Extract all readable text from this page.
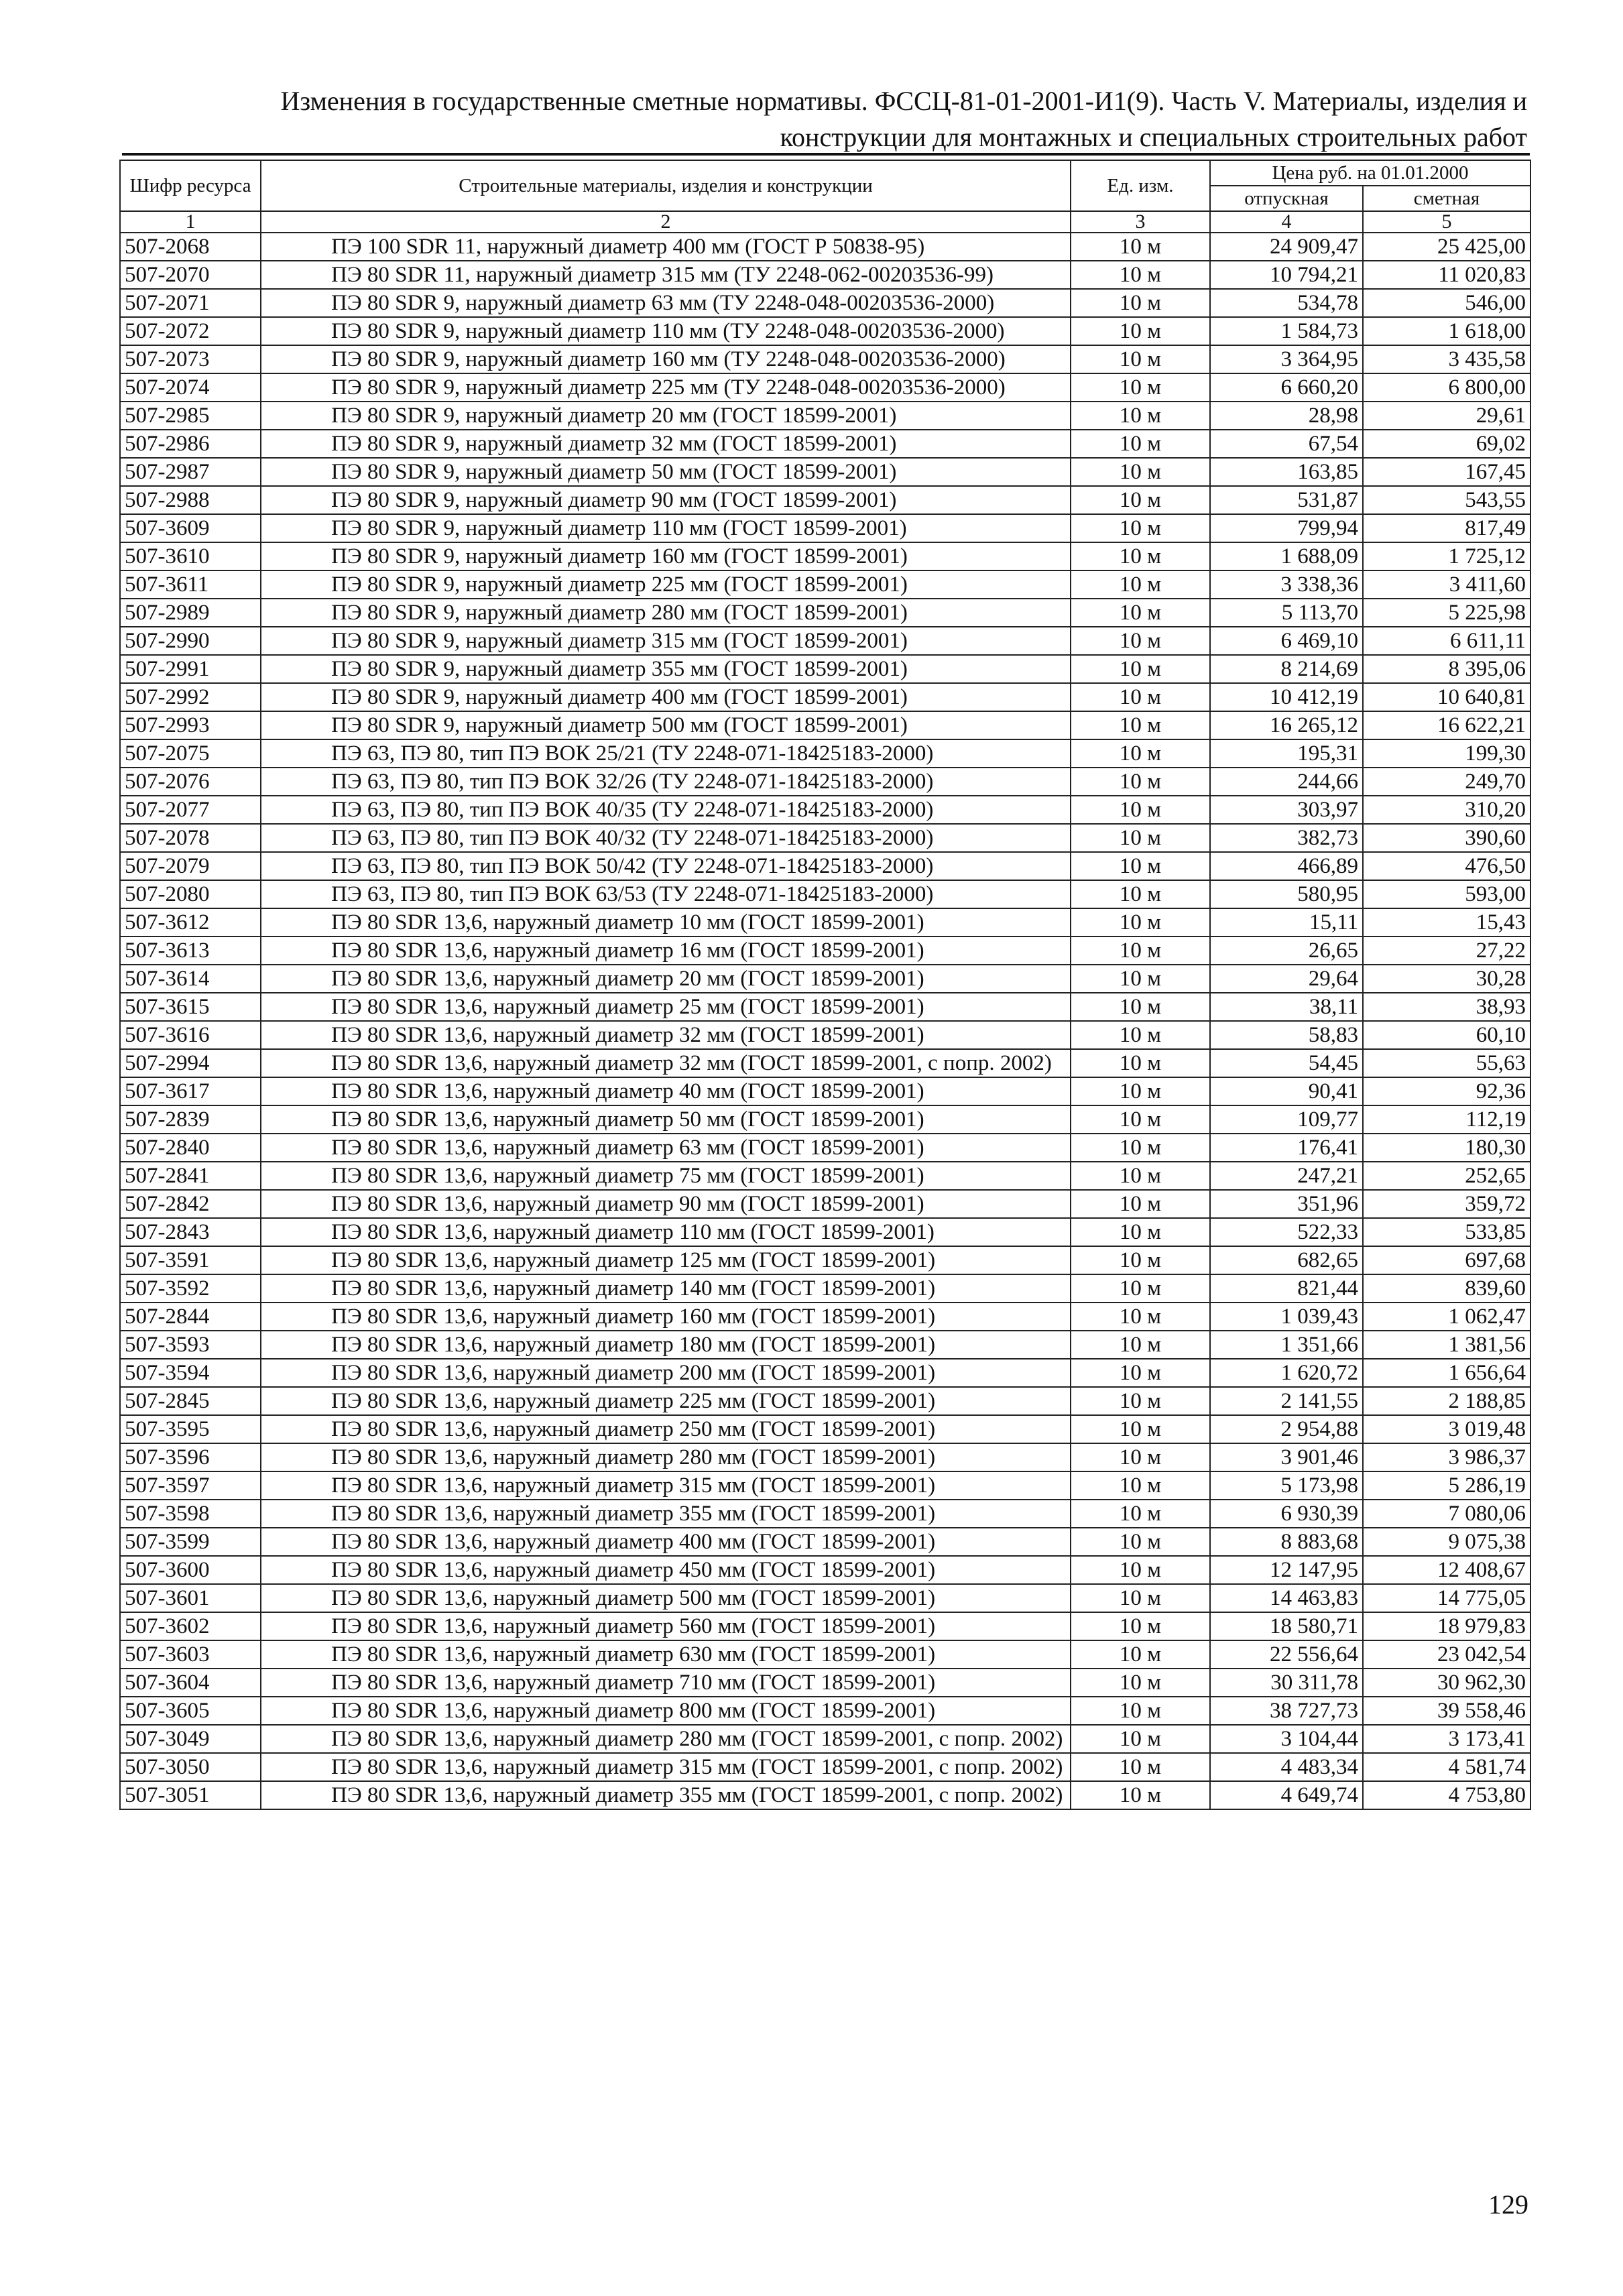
Изменения в государственные сметные нормативы. ФССЦ-81-01-2001-И1(9). Часть V. Материалы, изделия и
конструкции для монтажных и специальных строительных работ
Шифр ресурса	Строительные материалы, изделия и конструкции	Ед. изм.	Цена руб. на 01.01.2000	
			отпускная	сметная
1	2	3	4	5
507-2068	ПЭ 100 SDR 11, наружный диаметр 400 мм (ГОСТ Р 50838-95)	10 м	24 909,47	25 425,00
507-2070	ПЭ 80 SDR 11, наружный диаметр 315 мм (ТУ 2248-062-00203536-99)	10 м	10 794,21	11 020,83
507-2071	ПЭ 80 SDR 9, наружный диаметр 63 мм (ТУ 2248-048-00203536-2000)	10 м	534,78	546,00
507-2072	ПЭ 80 SDR 9, наружный диаметр 110 мм (ТУ 2248-048-00203536-2000)	10 м	1 584,73	1 618,00
507-2073	ПЭ 80 SDR 9, наружный диаметр 160 мм (ТУ 2248-048-00203536-2000)	10 м	3 364,95	3 435,58
507-2074	ПЭ 80 SDR 9, наружный диаметр 225 мм (ТУ 2248-048-00203536-2000)	10 м	6 660,20	6 800,00
507-2985	ПЭ 80 SDR 9, наружный диаметр 20 мм (ГОСТ 18599-2001)	10 м	28,98	29,61
507-2986	ПЭ 80 SDR 9, наружный диаметр 32 мм (ГОСТ 18599-2001)	10 м	67,54	69,02
507-2987	ПЭ 80 SDR 9, наружный диаметр 50 мм (ГОСТ 18599-2001)	10 м	163,85	167,45
507-2988	ПЭ 80 SDR 9, наружный диаметр 90 мм (ГОСТ 18599-2001)	10 м	531,87	543,55
507-3609	ПЭ 80 SDR 9, наружный диаметр 110 мм (ГОСТ 18599-2001)	10 м	799,94	817,49
507-3610	ПЭ 80 SDR 9, наружный диаметр 160 мм (ГОСТ 18599-2001)	10 м	1 688,09	1 725,12
507-3611	ПЭ 80 SDR 9, наружный диаметр 225 мм (ГОСТ 18599-2001)	10 м	3 338,36	3 411,60
507-2989	ПЭ 80 SDR 9, наружный диаметр 280 мм (ГОСТ 18599-2001)	10 м	5 113,70	5 225,98
507-2990	ПЭ 80 SDR 9, наружный диаметр 315 мм (ГОСТ 18599-2001)	10 м	6 469,10	6 611,11
507-2991	ПЭ 80 SDR 9, наружный диаметр 355 мм (ГОСТ 18599-2001)	10 м	8 214,69	8 395,06
507-2992	ПЭ 80 SDR 9, наружный диаметр 400 мм (ГОСТ 18599-2001)	10 м	10 412,19	10 640,81
507-2993	ПЭ 80 SDR 9, наружный диаметр 500 мм (ГОСТ 18599-2001)	10 м	16 265,12	16 622,21
507-2075	ПЭ 63, ПЭ 80, тип ПЭ ВОК 25/21 (ТУ 2248-071-18425183-2000)	10 м	195,31	199,30
507-2076	ПЭ 63, ПЭ 80, тип ПЭ ВОК 32/26 (ТУ 2248-071-18425183-2000)	10 м	244,66	249,70
507-2077	ПЭ 63, ПЭ 80, тип ПЭ ВОК 40/35 (ТУ 2248-071-18425183-2000)	10 м	303,97	310,20
507-2078	ПЭ 63, ПЭ 80, тип ПЭ ВОК 40/32 (ТУ 2248-071-18425183-2000)	10 м	382,73	390,60
507-2079	ПЭ 63, ПЭ 80, тип ПЭ ВОК 50/42 (ТУ 2248-071-18425183-2000)	10 м	466,89	476,50
507-2080	ПЭ 63, ПЭ 80, тип ПЭ ВОК 63/53 (ТУ 2248-071-18425183-2000)	10 м	580,95	593,00
507-3612	ПЭ 80 SDR 13,6, наружный диаметр 10 мм (ГОСТ 18599-2001)	10 м	15,11	15,43
507-3613	ПЭ 80 SDR 13,6, наружный диаметр 16 мм (ГОСТ 18599-2001)	10 м	26,65	27,22
507-3614	ПЭ 80 SDR 13,6, наружный диаметр 20 мм (ГОСТ 18599-2001)	10 м	29,64	30,28
507-3615	ПЭ 80 SDR 13,6, наружный диаметр 25 мм (ГОСТ 18599-2001)	10 м	38,11	38,93
507-3616	ПЭ 80 SDR 13,6, наружный диаметр 32 мм (ГОСТ 18599-2001)	10 м	58,83	60,10
507-2994	ПЭ 80 SDR 13,6, наружный диаметр 32 мм (ГОСТ 18599-2001, с попр. 2002)	10 м	54,45	55,63
507-3617	ПЭ 80 SDR 13,6, наружный диаметр 40 мм (ГОСТ 18599-2001)	10 м	90,41	92,36
507-2839	ПЭ 80 SDR 13,6, наружный диаметр 50 мм (ГОСТ 18599-2001)	10 м	109,77	112,19
507-2840	ПЭ 80 SDR 13,6, наружный диаметр 63 мм (ГОСТ 18599-2001)	10 м	176,41	180,30
507-2841	ПЭ 80 SDR 13,6, наружный диаметр 75 мм (ГОСТ 18599-2001)	10 м	247,21	252,65
507-2842	ПЭ 80 SDR 13,6, наружный диаметр 90 мм (ГОСТ 18599-2001)	10 м	351,96	359,72
507-2843	ПЭ 80 SDR 13,6, наружный диаметр 110 мм (ГОСТ 18599-2001)	10 м	522,33	533,85
507-3591	ПЭ 80 SDR 13,6, наружный диаметр 125 мм (ГОСТ 18599-2001)	10 м	682,65	697,68
507-3592	ПЭ 80 SDR 13,6, наружный диаметр 140 мм (ГОСТ 18599-2001)	10 м	821,44	839,60
507-2844	ПЭ 80 SDR 13,6, наружный диаметр 160 мм (ГОСТ 18599-2001)	10 м	1 039,43	1 062,47
507-3593	ПЭ 80 SDR 13,6, наружный диаметр 180 мм (ГОСТ 18599-2001)	10 м	1 351,66	1 381,56
507-3594	ПЭ 80 SDR 13,6, наружный диаметр 200 мм (ГОСТ 18599-2001)	10 м	1 620,72	1 656,64
507-2845	ПЭ 80 SDR 13,6, наружный диаметр 225 мм (ГОСТ 18599-2001)	10 м	2 141,55	2 188,85
507-3595	ПЭ 80 SDR 13,6, наружный диаметр 250 мм (ГОСТ 18599-2001)	10 м	2 954,88	3 019,48
507-3596	ПЭ 80 SDR 13,6, наружный диаметр 280 мм (ГОСТ 18599-2001)	10 м	3 901,46	3 986,37
507-3597	ПЭ 80 SDR 13,6, наружный диаметр 315 мм (ГОСТ 18599-2001)	10 м	5 173,98	5 286,19
507-3598	ПЭ 80 SDR 13,6, наружный диаметр 355 мм (ГОСТ 18599-2001)	10 м	6 930,39	7 080,06
507-3599	ПЭ 80 SDR 13,6, наружный диаметр 400 мм (ГОСТ 18599-2001)	10 м	8 883,68	9 075,38
507-3600	ПЭ 80 SDR 13,6, наружный диаметр 450 мм (ГОСТ 18599-2001)	10 м	12 147,95	12 408,67
507-3601	ПЭ 80 SDR 13,6, наружный диаметр 500 мм (ГОСТ 18599-2001)	10 м	14 463,83	14 775,05
507-3602	ПЭ 80 SDR 13,6, наружный диаметр 560 мм (ГОСТ 18599-2001)	10 м	18 580,71	18 979,83
507-3603	ПЭ 80 SDR 13,6, наружный диаметр 630 мм (ГОСТ 18599-2001)	10 м	22 556,64	23 042,54
507-3604	ПЭ 80 SDR 13,6, наружный диаметр 710 мм (ГОСТ 18599-2001)	10 м	30 311,78	30 962,30
507-3605	ПЭ 80 SDR 13,6, наружный диаметр 800 мм (ГОСТ 18599-2001)	10 м	38 727,73	39 558,46
507-3049	ПЭ 80 SDR 13,6, наружный диаметр 280 мм (ГОСТ 18599-2001, с попр. 2002)	10 м	3 104,44	3 173,41
507-3050	ПЭ 80 SDR 13,6, наружный диаметр 315 мм (ГОСТ 18599-2001, с попр. 2002)	10 м	4 483,34	4 581,74
507-3051	ПЭ 80 SDR 13,6, наружный диаметр 355 мм (ГОСТ 18599-2001, с попр. 2002)	10 м	4 649,74	4 753,80
129
